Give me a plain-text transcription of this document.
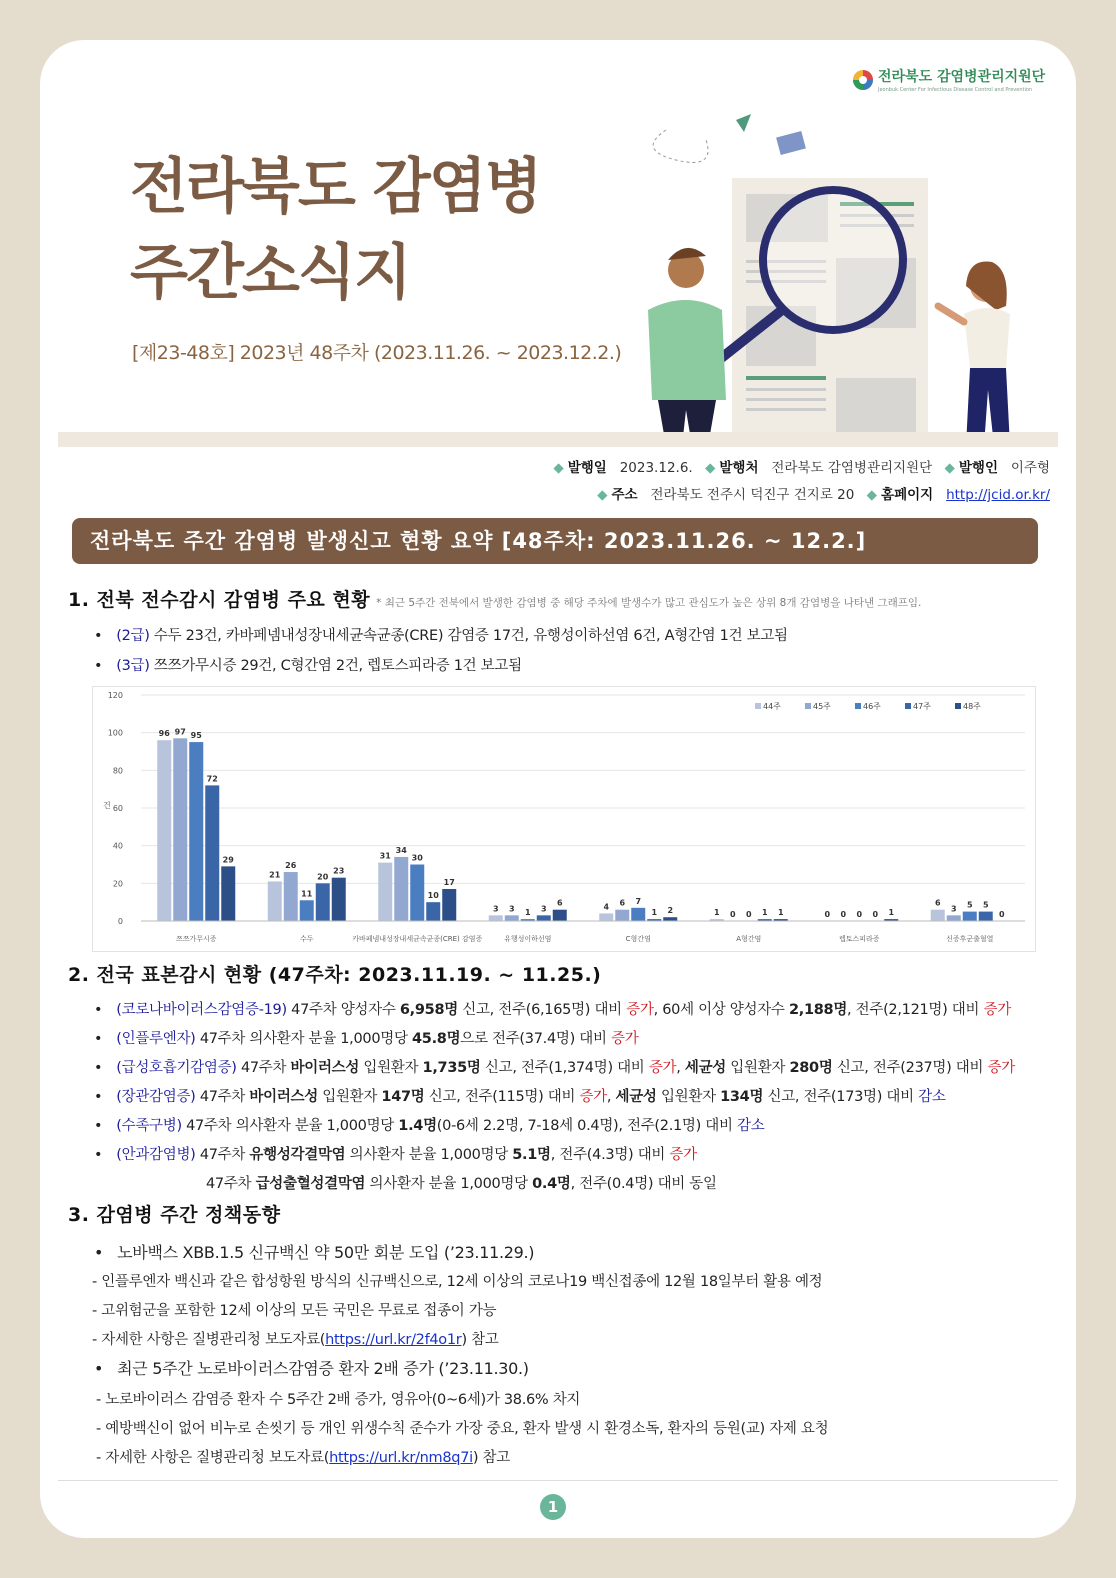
전라북도 감염병관리지원단
Jeonbuk Center For Infectious Disease Control and Prevention
전라북도 감염병
주간소식지
[제23-48호] 2023년 48주차 (2023.11.26. ~ 2023.12.2.)
◆ 발행일 2023.12.6. ◆ 발행처 전라북도 감염병관리지원단 ◆ 발행인 이주형
◆ 주소 전라북도 전주시 덕진구 건지로 20 ◆ 홈페이지 http://jcid.or.kr/
전라북도 주간 감염병 발생신고 현황 요약 [48주차: 2023.11.26. ~ 12.2.]
1. 전북 전수감시 감염병 주요 현황 * 최근 5주간 전북에서 발생한 감염병 중 해당 주차에 발생수가 많고 관심도가 높은 상위 8개 감염병을 나타낸 그래프임.
• (2급) 수두 23건, 카바페넴내성장내세균속균종(CRE) 감염증 17건, 유행성이하선염 6건, A형간염 1건 보고됨
• (3급) 쯔쯔가무시증 29건, C형간염 2건, 렙토스피라증 1건 보고됨
0
20
40
60
80
100
120
건
96 97 95
72
29
쯔쯔가무시증
21
26
11
20
23
수두
31
34
30
10
17
카바페넴내성장내세균속균종(CRE) 감염증
3 3 1 3
6
유행성이하선염
4 6 7
1 2
C형간염
1 0 0 1 1
A형간염
0 0 0 0 1
렙토스피라증
6
3 5 5
0
신증후군출혈열
44주	45주	46주	47주	48주
2. 전국 표본감시 현황 (47주차: 2023.11.19. ~ 11.25.)
• (코로나바이러스감염증-19) 47주차 양성자수 6,958명 신고, 전주(6,165명) 대비 증가, 60세 이상 양성자수 2,188명, 전주(2,121명) 대비 증가
• (인플루엔자) 47주차 의사환자 분율 1,000명당 45.8명으로 전주(37.4명) 대비 증가
• (급성호흡기감염증) 47주차 바이러스성 입원환자 1,735명 신고, 전주(1,374명) 대비 증가, 세균성 입원환자 280명 신고, 전주(237명) 대비 증가
• (장관감염증) 47주차 바이러스성 입원환자 147명 신고, 전주(115명) 대비 증가, 세균성 입원환자 134명 신고, 전주(173명) 대비 감소
• (수족구병) 47주차 의사환자 분율 1,000명당 1.4명(0-6세 2.2명, 7-18세 0.4명), 전주(2.1명) 대비 감소
• (안과감염병) 47주차 유행성각결막염 의사환자 분율 1,000명당 5.1명, 전주(4.3명) 대비 증가
47주차 급성출혈성결막염 의사환자 분율 1,000명당 0.4명, 전주(0.4명) 대비 동일
3. 감염병 주간 정책동향
• 노바백스 XBB.1.5 신규백신 약 50만 회분 도입 (’23.11.29.)
- 인플루엔자 백신과 같은 합성항원 방식의 신규백신으로, 12세 이상의 코로나19 백신접종에 12월 18일부터 활용 예정
- 고위험군을 포함한 12세 이상의 모든 국민은 무료로 접종이 가능
- 자세한 사항은 질병관리청 보도자료(https://url.kr/2f4o1r) 참고
• 최근 5주간 노로바이러스감염증 환자 2배 증가 (’23.11.30.)
- 노로바이러스 감염증 환자 수 5주간 2배 증가, 영유아(0~6세)가 38.6% 차지
- 예방백신이 없어 비누로 손씻기 등 개인 위생수칙 준수가 가장 중요, 환자 발생 시 환경소독, 환자의 등원(교) 자제 요청
- 자세한 사항은 질병관리청 보도자료(https://url.kr/nm8q7i) 참고
1
